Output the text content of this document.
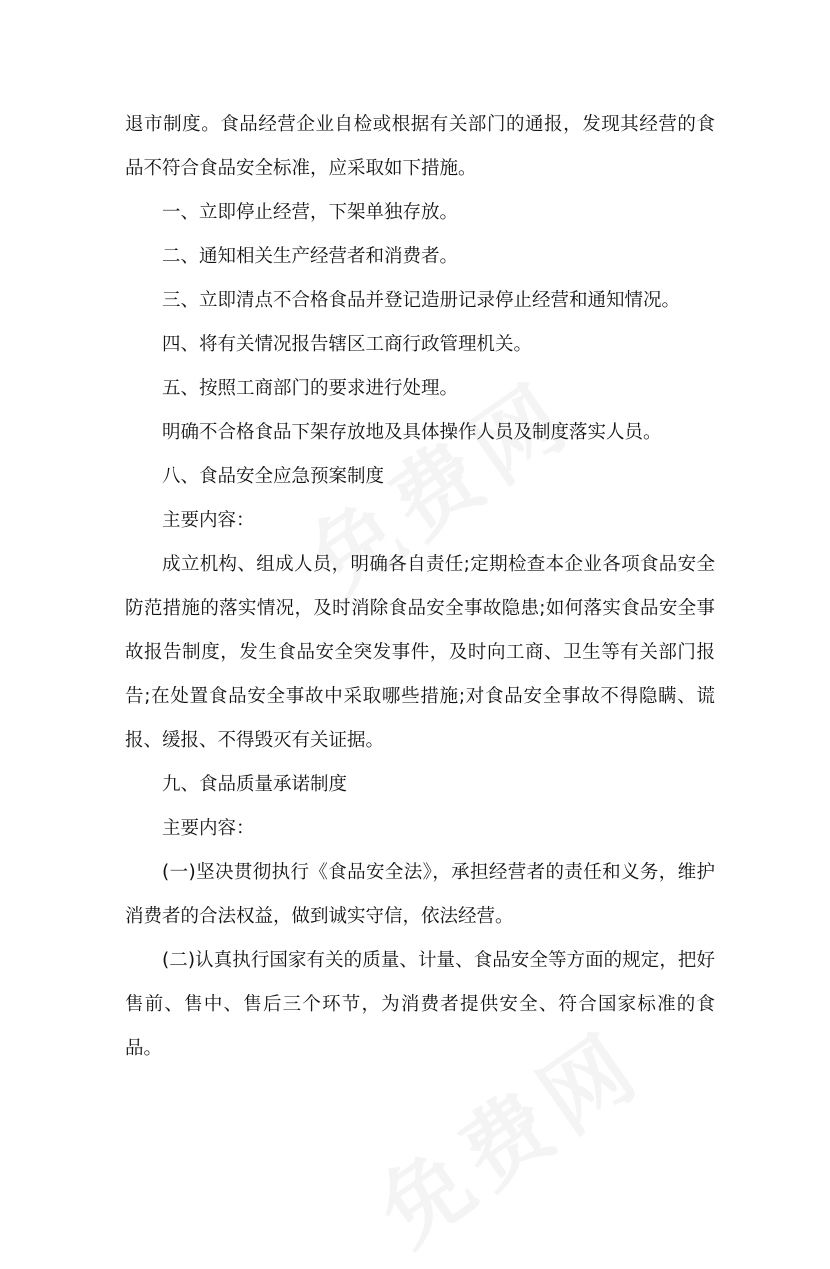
退市制度。食品经营企业自检或根据有关部门的通报，发现其经营的食品不符合食品安全标准，应采取如下措施。

一、立即停止经营，下架单独存放。

二、通知相关生产经营者和消费者。

三、立即清点不合格食品并登记造册记录停止经营和通知情况。

四、将有关情况报告辖区工商行政管理机关。

五、按照工商部门的要求进行处理。

明确不合格食品下架存放地及具体操作人员及制度落实人员。

八、食品安全应急预案制度

主要内容：

成立机构、组成人员，明确各自责任;定期检查本企业各项食品安全防范措施的落实情况，及时消除食品安全事故隐患;如何落实食品安全事故报告制度，发生食品安全突发事件，及时向工商、卫生等有关部门报告;在处置食品安全事故中采取哪些措施;对食品安全事故不得隐瞒、谎报、缓报、不得毁灭有关证据。

九、食品质量承诺制度

主要内容：

(一)坚决贯彻执行《食品安全法》，承担经营者的责任和义务，维护消费者的合法权益，做到诚实守信，依法经营。

(二)认真执行国家有关的质量、计量、食品安全等方面的规定，把好售前、售中、售后三个环节，为消费者提供安全、符合国家标准的食品。
